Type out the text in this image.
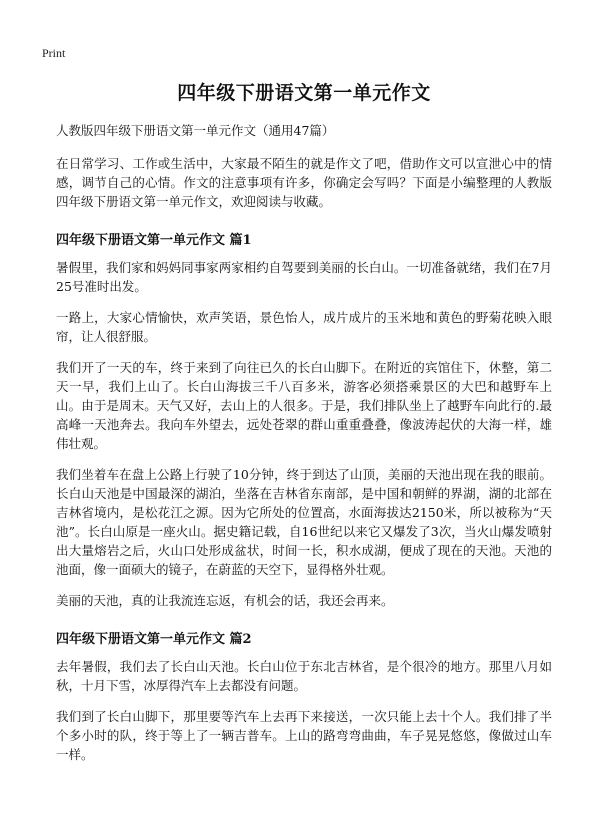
Print
四年级下册语文第一单元作文
人教版四年级下册语文第一单元作文（通用47篇）

在日常学习、工作或生活中，大家最不陌生的就是作文了吧，借助作文可以宣泄心中的情感，调节自己的心情。作文的注意事项有许多，你确定会写吗？下面是小编整理的人教版四年级下册语文第一单元作文，欢迎阅读与收藏。

四年级下册语文第一单元作文 篇1

暑假里，我们家和妈妈同事家两家相约自驾要到美丽的长白山。一切准备就绪，我们在7月25号准时出发。

一路上，大家心情愉快，欢声笑语，景色怡人，成片成片的玉米地和黄色的野菊花映入眼帘，让人很舒服。

我们开了一天的车，终于来到了向往已久的长白山脚下。在附近的宾馆住下，休整，第二天一早，我们上山了。长白山海拔三千八百多米，游客必须搭乘景区的大巴和越野车上山。由于是周末。天气又好，去山上的人很多。于是，我们排队坐上了越野车向此行的.最高峰一天池奔去。我向车外望去，远处苍翠的群山重重叠叠，像波涛起伏的大海一样，雄伟壮观。

我们坐着车在盘上公路上行驶了10分钟，终于到达了山顶，美丽的天池出现在我的眼前。长白山天池是中国最深的湖泊，坐落在吉林省东南部，是中国和朝鲜的界湖，湖的北部在吉林省境内，是松花江之源。因为它所处的位置高，水面海拔达2150米，所以被称为“天池”。长白山原是一座火山。据史籍记载，自16世纪以来它又爆发了3次，当火山爆发喷射出大量熔岩之后，火山口处形成盆状，时间一长，积水成湖，便成了现在的天池。天池的池面，像一面硕大的镜子，在蔚蓝的天空下，显得格外壮观。

美丽的天池，真的让我流连忘返，有机会的话，我还会再来。

四年级下册语文第一单元作文 篇2

去年暑假，我们去了长白山天池。长白山位于东北吉林省，是个很冷的地方。那里八月如秋，十月下雪，冰厚得汽车上去都没有问题。

我们到了长白山脚下，那里要等汽车上去再下来接送，一次只能上去十个人。我们排了半个多小时的队，终于等上了一辆吉普车。上山的路弯弯曲曲，车子晃晃悠悠，像做过山车一样。
